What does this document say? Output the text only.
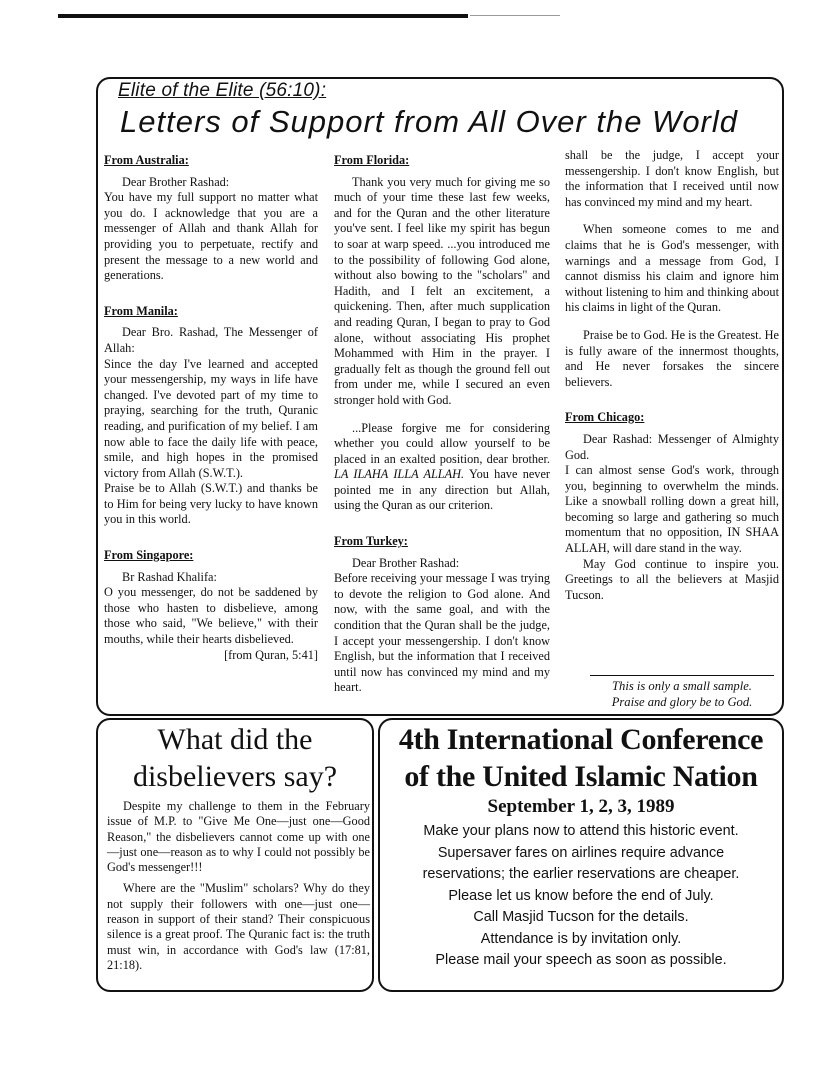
Elite of the Elite (56:10):
Letters of Support from All Over the World

From Australia:

Dear Brother Rashad:

You have my full support no matter what you do. I acknowledge that you are a messenger of Allah and thank Allah for providing you to perpetuate, rectify and present the message to a new world and generations.

From Manila:

Dear Bro. Rashad, The Messenger of Allah:

Since the day I've learned and accepted your messengership, my ways in life have changed. I've devoted part of my time to praying, searching for the truth, Quranic reading, and purification of my belief. I am now able to face the daily life with peace, smile, and high hopes in the promised victory from Allah (S.W.T.).

Praise be to Allah (S.W.T.) and thanks be to Him for being very lucky to have known you in this world.

From Singapore:

Br Rashad Khalifa:

O you messenger, do not be saddened by those who hasten to disbelieve, among those who said, "We believe," with their mouths, while their hearts disbelieved.

[from Quran, 5:41]

From Florida:

Thank you very much for giving me so much of your time these last few weeks, and for the Quran and the other literature you've sent. I feel like my spirit has begun to soar at warp speed. ...you introduced me to the possibility of following God alone, without also bowing to the "scholars" and Hadith, and I felt an excitement, a quickening. Then, after much supplication and reading Quran, I began to pray to God alone, without associating His prophet Mohammed with Him in the prayer. I gradually felt as though the ground fell out from under me, while I secured an even stronger hold with God.

...Please forgive me for considering whether you could allow yourself to be placed in an exalted position, dear brother. LA ILAHA ILLA ALLAH. You have never pointed me in any direction but Allah, using the Quran as our criterion.

From Turkey:

Dear Brother Rashad:

Before receiving your message I was trying to devote the religion to God alone. And now, with the same goal, and with the condition that the Quran shall be the judge, I accept your messengership. I don't know English, but the information that I received until now has convinced my mind and my heart.

shall be the judge, I accept your messengership. I don't know English, but the information that I received until now has convinced my mind and my heart.

When someone comes to me and claims that he is God's messenger, with warnings and a message from God, I cannot dismiss his claim and ignore him without listening to him and thinking about his claims in light of the Quran.

Praise be to God. He is the Greatest. He is fully aware of the innermost thoughts, and He never forsakes the sincere believers.

From Chicago:

Dear Rashad: Messenger of Almighty God.

I can almost sense God's work, through you, beginning to overwhelm the minds. Like a snowball rolling down a great hill, becoming so large and gathering so much momentum that no opposition, IN SHAA ALLAH, will dare stand in the way.

May God continue to inspire you. Greetings to all the believers at Masjid Tucson.

This is only a small sample.
Praise and glory be to God.
What did the
disbelievers say?

Despite my challenge to them in the February issue of M.P. to "Give Me One—just one—Good Reason," the disbelievers cannot come up with one—just one—reason as to why I could not possibly be God's messenger!!!

Where are the "Muslim" scholars? Why do they not supply their followers with one—just one—reason in support of their stand? Their conspicuous silence is a great proof. The Quranic fact is: the truth must win, in accordance with God's law (17:81, 21:18).

4th International Conference
of the United Islamic Nation
September 1, 2, 3, 1989
Make your plans now to attend this historic event.
Supersaver fares on airlines require advance
reservations; the earlier reservations are cheaper.
Please let us know before the end of July.
Call Masjid Tucson for the details.
Attendance is by invitation only.
Please mail your speech as soon as possible.
